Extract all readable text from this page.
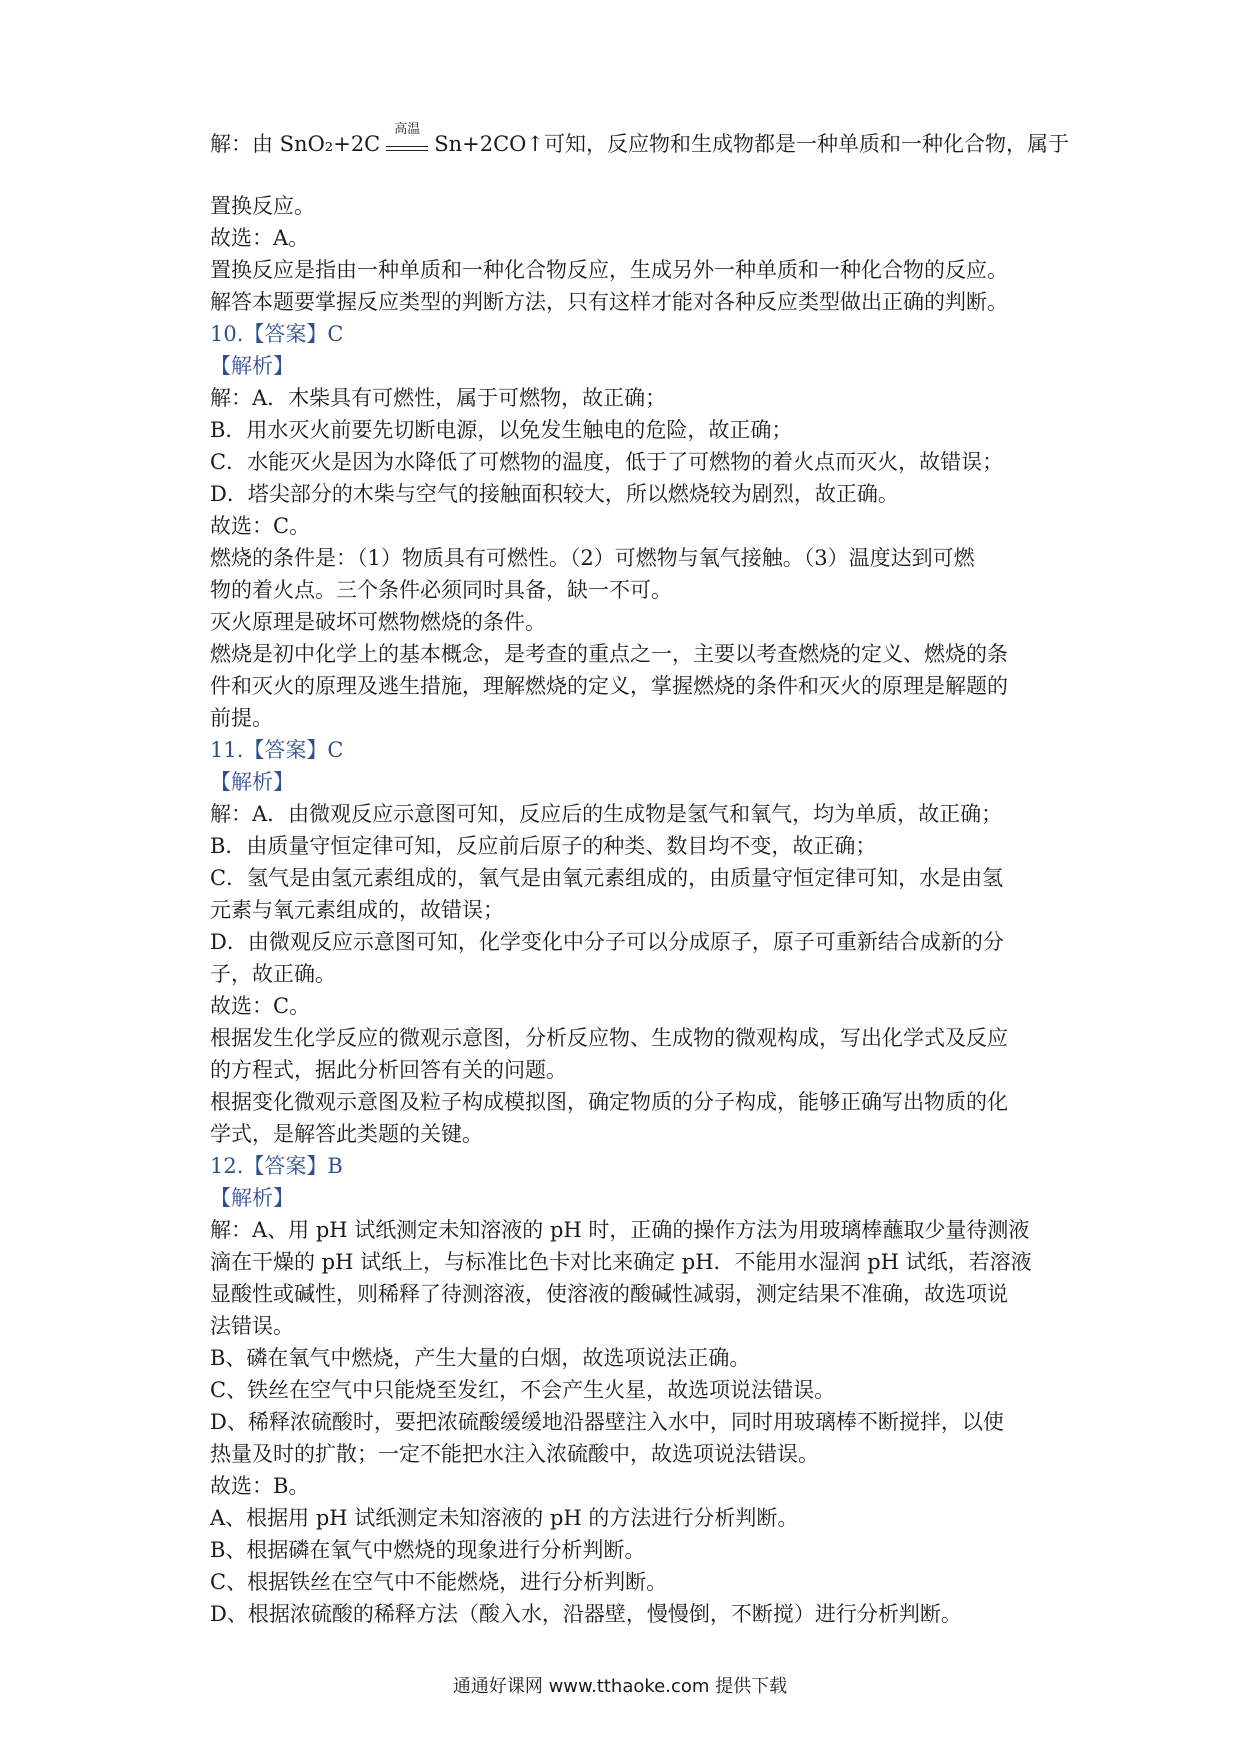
解：由 SnO₂+2C
高温
Sn+2CO↑可知，反应物和生成物都是一种单质和一种化合物，属于
置换反应。
故选：A。
置换反应是指由一种单质和一种化合物反应，生成另外一种单质和一种化合物的反应。
解答本题要掌握反应类型的判断方法，只有这样才能对各种反应类型做出正确的判断。
10.【答案】C
【解析】
解：A．木柴具有可燃性，属于可燃物，故正确；
B．用水灭火前要先切断电源，以免发生触电的危险，故正确；
C．水能灭火是因为水降低了可燃物的温度，低于了可燃物的着火点而灭火，故错误；
D．塔尖部分的木柴与空气的接触面积较大，所以燃烧较为剧烈，故正确。
故选：C。
燃烧的条件是：（1）物质具有可燃性。（2）可燃物与氧气接触。（3）温度达到可燃
物的着火点。三个条件必须同时具备，缺一不可。
灭火原理是破坏可燃物燃烧的条件。
燃烧是初中化学上的基本概念，是考查的重点之一，主要以考查燃烧的定义、燃烧的条
件和灭火的原理及逃生措施，理解燃烧的定义，掌握燃烧的条件和灭火的原理是解题的
前提。
11.【答案】C
【解析】
解：A．由微观反应示意图可知，反应后的生成物是氢气和氧气，均为单质，故正确；
B．由质量守恒定律可知，反应前后原子的种类、数目均不变，故正确；
C．氢气是由氢元素组成的，氧气是由氧元素组成的，由质量守恒定律可知，水是由氢
元素与氧元素组成的，故错误；
D．由微观反应示意图可知，化学变化中分子可以分成原子，原子可重新结合成新的分
子，故正确。
故选：C。
根据发生化学反应的微观示意图，分析反应物、生成物的微观构成，写出化学式及反应
的方程式，据此分析回答有关的问题。
根据变化微观示意图及粒子构成模拟图，确定物质的分子构成，能够正确写出物质的化
学式，是解答此类题的关键。
12.【答案】B
【解析】
解：A、用 pH 试纸测定未知溶液的 pH 时，正确的操作方法为用玻璃棒蘸取少量待测液
滴在干燥的 pH 试纸上，与标准比色卡对比来确定 pH．不能用水湿润 pH 试纸，若溶液
显酸性或碱性，则稀释了待测溶液，使溶液的酸碱性减弱，测定结果不准确，故选项说
法错误。
B、磷在氧气中燃烧，产生大量的白烟，故选项说法正确。
C、铁丝在空气中只能烧至发红，不会产生火星，故选项说法错误。
D、稀释浓硫酸时，要把浓硫酸缓缓地沿器壁注入水中，同时用玻璃棒不断搅拌，以使
热量及时的扩散；一定不能把水注入浓硫酸中，故选项说法错误。
故选：B。
A、根据用 pH 试纸测定未知溶液的 pH 的方法进行分析判断。
B、根据磷在氧气中燃烧的现象进行分析判断。
C、根据铁丝在空气中不能燃烧，进行分析判断。
D、根据浓硫酸的稀释方法（酸入水，沿器壁，慢慢倒，不断搅）进行分析判断。
通通好课网 www.tthaoke.com 提供下载
